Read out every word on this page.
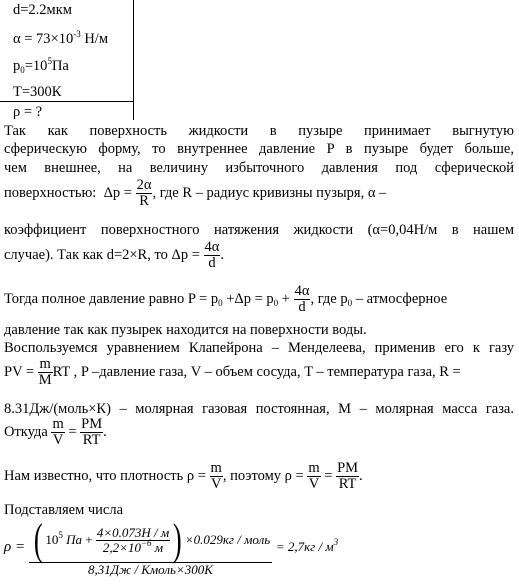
d=2.2мкм
$\alpha = 73\times 10^{-3}$ Н/м
$p_0=10^5Па$
T=300К
ρ = ?
Так как поверхность жидкости в пузыре принимает выгнутую
сферическую форму, то внутреннее давление P в пузыре будет больше,
чем внешнее, на величину избыточного давления под сферической
поверхностью: $\Delta p = \frac{2\alpha}{R}$ , где R – радиус кривизны пузыря, α –
коэффициент поверхностного натяжения жидкости (α=0,04Н/м в нашем
случае). Так как d=2×R, то $\Delta p = \frac{4\alpha}{d}$ .
Тогда полное давление равно $P = p_0 +\Delta p = p_0 + \frac{4\alpha}{d}$ , где $p_0$ – атмосферное
давление так как пузырек находится на поверхности воды.
Воспользуемся уравнением Клапейрона – Менделеева, применив его к газу
PV = $\frac{m}{M}$ RT , P –давление газа, V – объем сосуда, T – температура газа, R =
8.31Дж/(моль×К) – молярная газовая постоянная, M – молярная масса газа.
Откуда $\frac{m}{V} = \frac{PM}{RT}$ .
Нам известно, что плотность $\rho = \frac{m}{V}$ , поэтому $\rho = \frac{m}{V} = \frac{PM}{RT}$ .
Подставляем числа
$\rho = \frac{( 10^5 Па + \frac{4\times 0.073Н / м}{2,2\times 10^{-6} м} ) \times 0.029кг / моль}{\text{8,31Дж / Кмоль×300К}} = 2,7кг / м^3$
